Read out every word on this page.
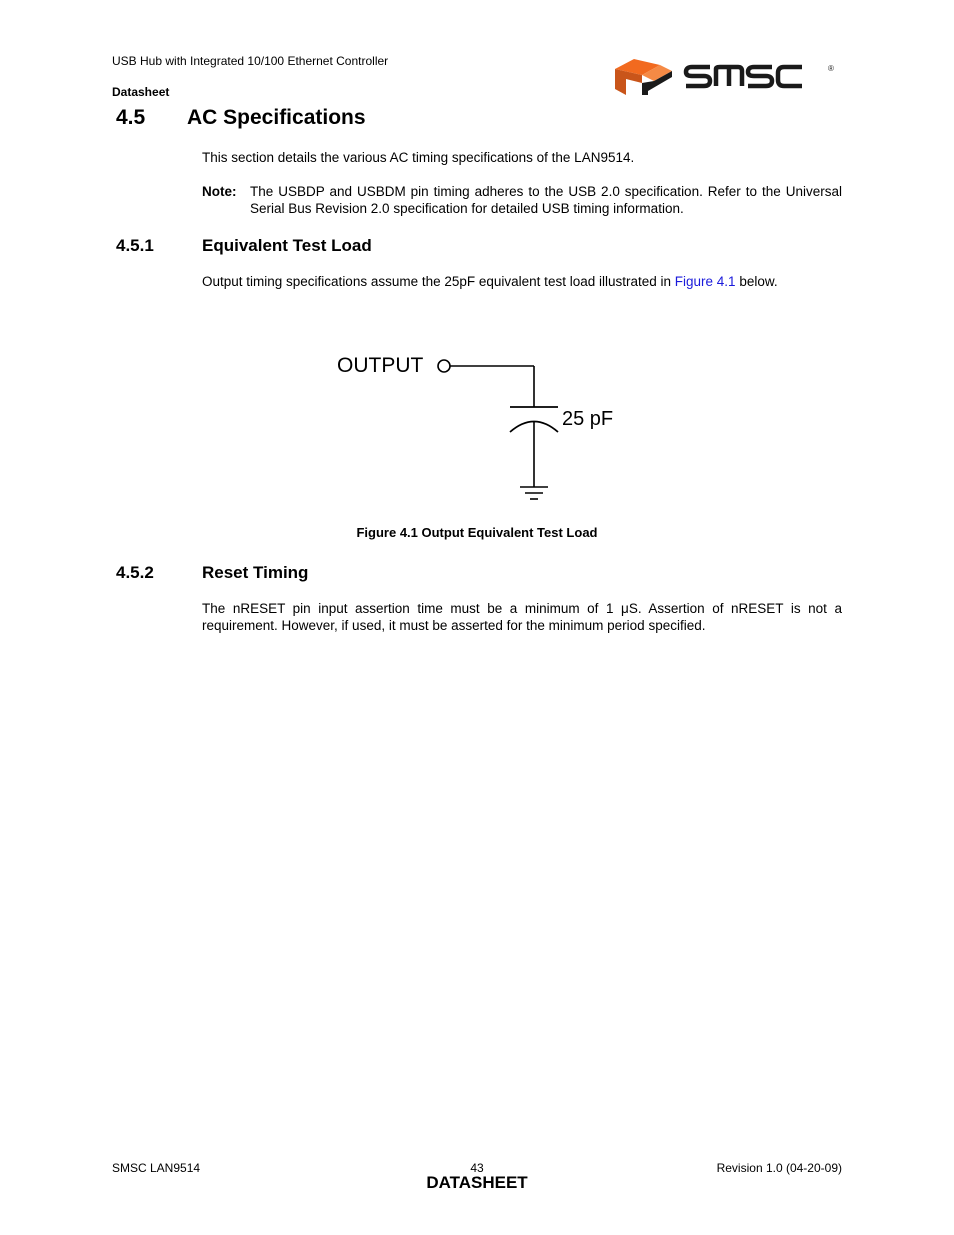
USB Hub with Integrated 10/100 Ethernet Controller
Datasheet
®
4.5 AC Specifications
This section details the various AC timing specifications of the LAN9514.
Note: The USBDP and USBDM pin timing adheres to the USB 2.0 specification. Refer to the Universal Serial Bus Revision 2.0 specification for detailed USB timing information.
4.5.1	Equivalent Test Load
Output timing specifications assume the 25pF equivalent test load illustrated in Figure 4.1 below.
OUTPUT
25 pF
Figure 4.1 Output Equivalent Test Load
4.5.2	Reset Timing
The nRESET pin input assertion time must be a minimum of 1 μS. Assertion of nRESET is not a requirement. However, if used, it must be asserted for the minimum period specified.
SMSC LAN9514	43
DATASHEET
Revision 1.0 (04-20-09)
